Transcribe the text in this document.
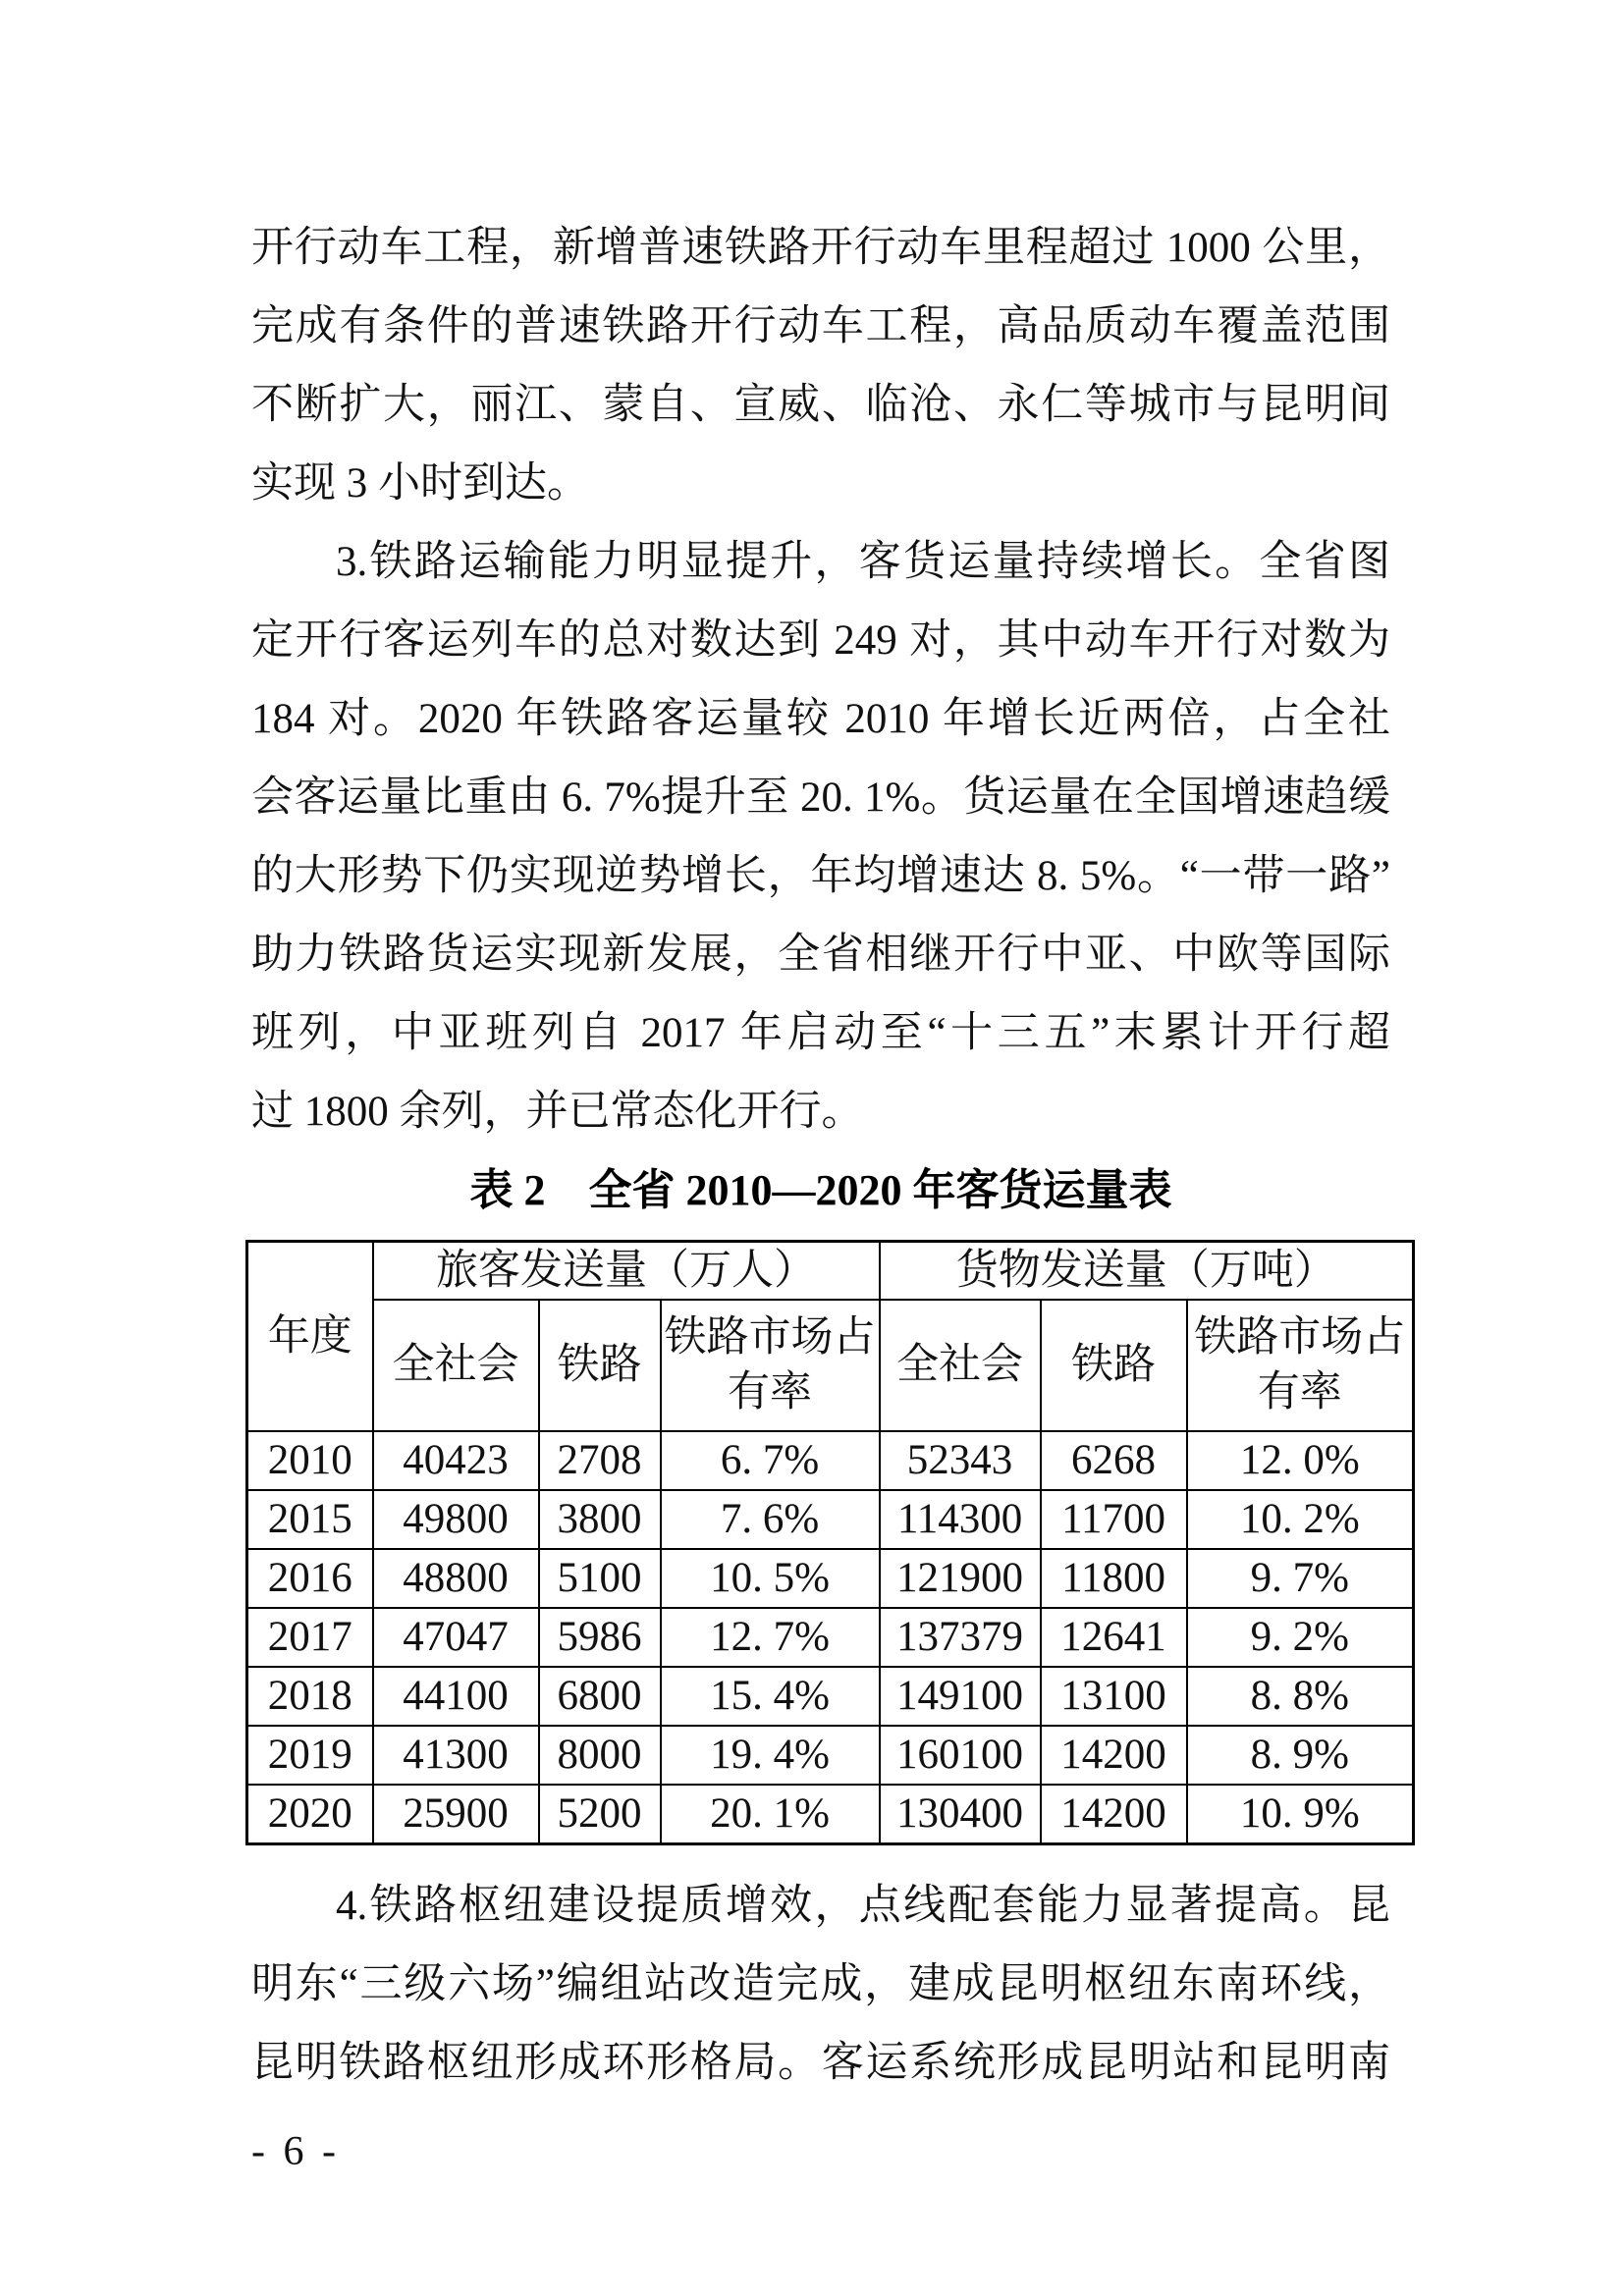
开行动车工程，新增普速铁路开行动车里程超过 1000 公里，
完成有条件的普速铁路开行动车工程，高品质动车覆盖范围
不断扩大，丽江、蒙自、宣威、临沧、永仁等城市与昆明间
实现 3 小时到达。
3.铁路运输能力明显提升，客货运量持续增长。全省图
定开行客运列车的总对数达到 249 对，其中动车开行对数为
184 对。2020 年铁路客运量较 2010 年增长近两倍，占全社
会客运量比重由 6. 7%提升至 20. 1%。货运量在全国增速趋缓
的大形势下仍实现逆势增长，年均增速达 8. 5%。“一带一路”
助力铁路货运实现新发展，全省相继开行中亚、中欧等国际
班列，中亚班列自 2017 年启动至“十三五”末累计开行超
过 1800 余列，并已常态化开行。
表 2　全省 2010—2020 年客货运量表
年度	旅客发送量（万人）			货物发送量（万吨）		
	全社会	铁路	铁路市场占有率	全社会	铁路	铁路市场占有率
2010	40423	2708	6. 7%	52343	6268	12. 0%
2015	49800	3800	7. 6%	114300	11700	10. 2%
2016	48800	5100	10. 5%	121900	11800	9. 7%
2017	47047	5986	12. 7%	137379	12641	9. 2%
2018	44100	6800	15. 4%	149100	13100	8. 8%
2019	41300	8000	19. 4%	160100	14200	8. 9%
2020	25900	5200	20. 1%	130400	14200	10. 9%
4.铁路枢纽建设提质增效，点线配套能力显著提高。昆
明东“三级六场”编组站改造完成，建成昆明枢纽东南环线，
昆明铁路枢纽形成环形格局。客运系统形成昆明站和昆明南
- 6 -
